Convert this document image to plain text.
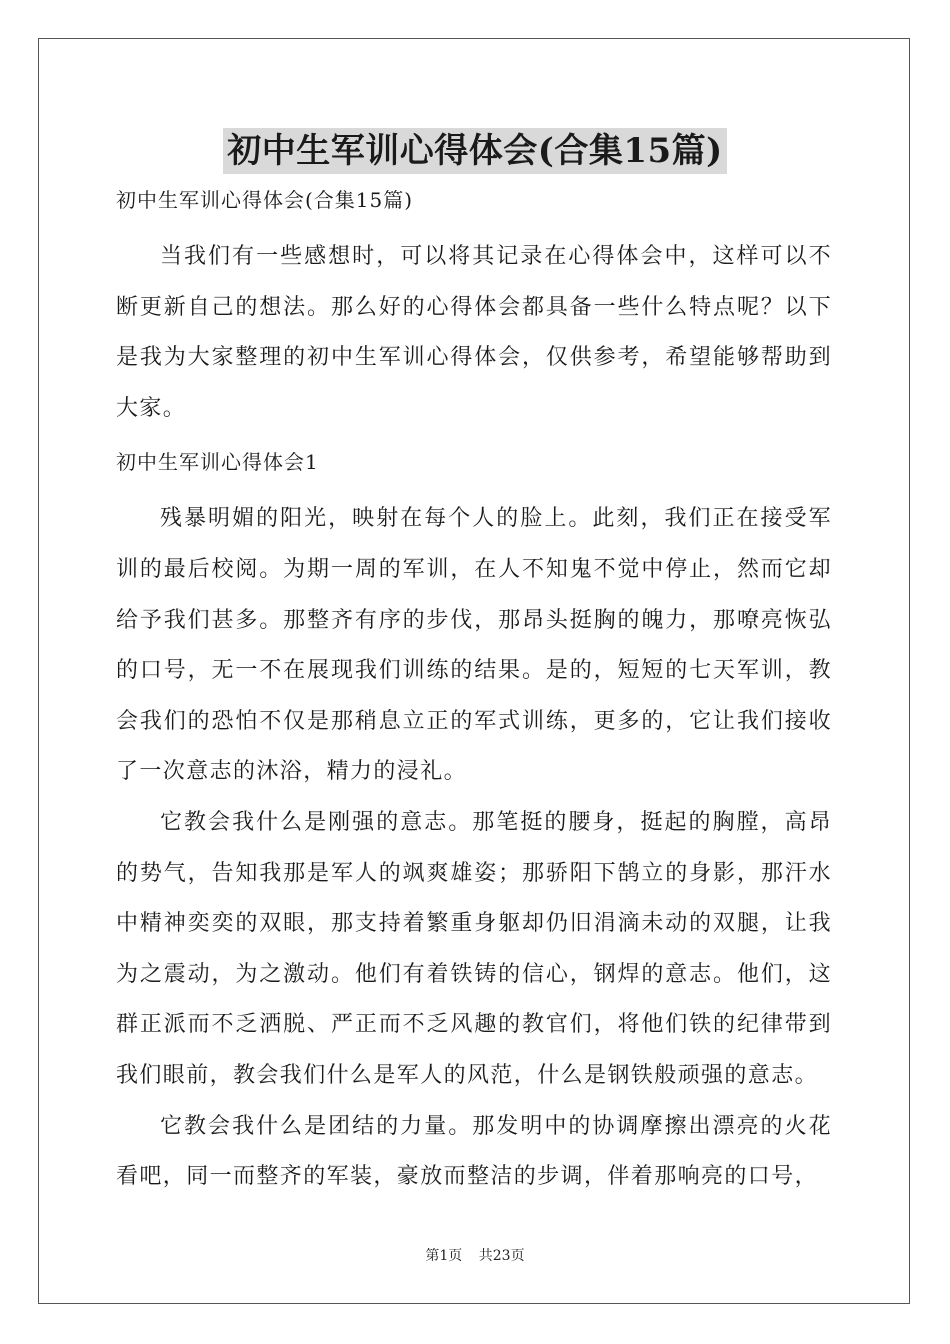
初中生军训心得体会(合集15篇)

初中生军训心得体会(合集15篇)

当我们有一些感想时，可以将其记录在心得体会中，这样可以不断更新自己的想法。那么好的心得体会都具备一些什么特点呢？以下是我为大家整理的初中生军训心得体会，仅供参考，希望能够帮助到大家。

初中生军训心得体会1

残暴明媚的阳光，映射在每个人的脸上。此刻，我们正在接受军训的最后校阅。为期一周的军训，在人不知鬼不觉中停止，然而它却给予我们甚多。那整齐有序的步伐，那昂头挺胸的魄力，那嘹亮恢弘的口号，无一不在展现我们训练的结果。是的，短短的七天军训，教会我们的恐怕不仅是那稍息立正的军式训练，更多的，它让我们接收了一次意志的沐浴，精力的浸礼。

它教会我什么是刚强的意志。那笔挺的腰身，挺起的胸膛，高昂的势气，告知我那是军人的飒爽雄姿；那骄阳下鹄立的身影，那汗水中精神奕奕的双眼，那支持着繁重身躯却仍旧涓滴未动的双腿，让我为之震动，为之激动。他们有着铁铸的信心，钢焊的意志。他们，这群正派而不乏洒脱、严正而不乏风趣的教官们，将他们铁的纪律带到我们眼前，教会我们什么是军人的风范，什么是钢铁般顽强的意志。

它教会我什么是团结的力量。那发明中的协调摩擦出漂亮的火花看吧，同一而整齐的军装，豪放而整洁的步调，伴着那响亮的口号，

第1页 共23页
